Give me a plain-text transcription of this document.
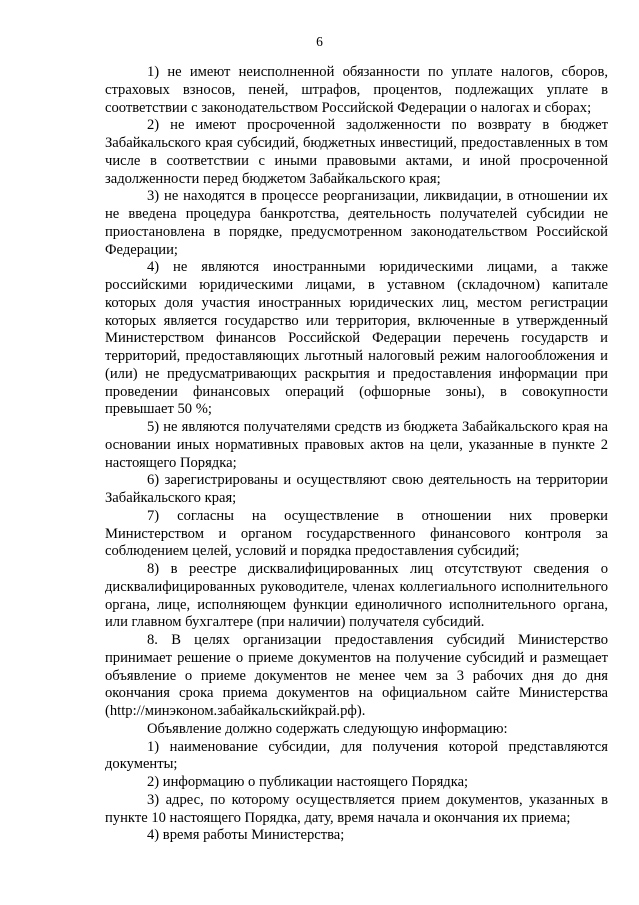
6

1) не имеют неисполненной обязанности по уплате налогов, сборов, страховых взносов, пеней, штрафов, процентов, подлежащих уплате в соответствии с законодательством Российской Федерации о налогах и сборах;

2) не имеют просроченной задолженности по возврату в бюджет Забайкальского края субсидий, бюджетных инвестиций, предоставленных в том числе в соответствии с иными правовыми актами, и иной просроченной задолженности перед бюджетом Забайкальского края;

3) не находятся в процессе реорганизации, ликвидации, в отношении их не введена процедура банкротства, деятельность получателей субсидии не приостановлена в порядке, предусмотренном законодательством Российской Федерации;

4) не являются иностранными юридическими лицами, а также российскими юридическими лицами, в уставном (складочном) капитале которых доля участия иностранных юридических лиц, местом регистрации которых является государство или территория, включенные в утвержденный Министерством финансов Российской Федерации перечень государств и территорий, предоставляющих льготный налоговый режим налогообложения и (или) не предусматривающих раскрытия и предоставления информации при проведении финансовых операций (офшорные зоны), в совокупности превышает 50 %;

5) не являются получателями средств из бюджета Забайкальского края на основании иных нормативных правовых актов на цели, указанные в пункте 2 настоящего Порядка;

6) зарегистрированы и осуществляют свою деятельность на территории Забайкальского края;

7) согласны на осуществление в отношении них проверки Министерством и органом государственного финансового контроля за соблюдением целей, условий и порядка предоставления субсидий;

8) в реестре дисквалифицированных лиц отсутствуют сведения о дисквалифицированных руководителе, членах коллегиального исполнительного органа, лице, исполняющем функции единоличного исполнительного органа, или главном бухгалтере (при наличии) получателя субсидий.

8. В целях организации предоставления субсидий Министерство принимает решение о приеме документов на получение субсидий и размещает объявление о приеме документов не менее чем за 3 рабочих дня до дня окончания срока приема документов на официальном сайте Министерства (http://минэконом.забайкальскийкрай.рф).

Объявление должно содержать следующую информацию:

1) наименование субсидии, для получения которой представляются документы;

2) информацию о публикации настоящего Порядка;

3) адрес, по которому осуществляется прием документов, указанных в пункте 10 настоящего Порядка, дату, время начала и окончания их приема;

4) время работы Министерства;
